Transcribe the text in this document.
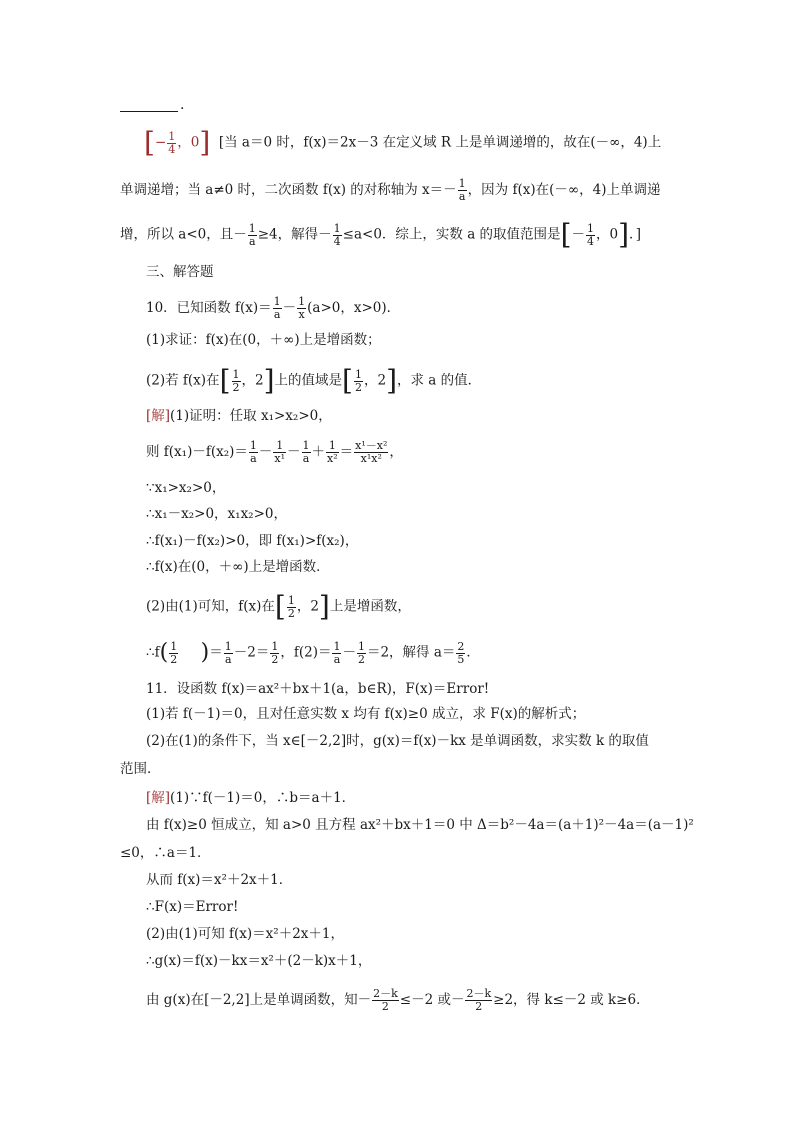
.
[− $\frac{1}{4}$ ，0] [当 a＝0 时，f(x)＝2x－3 在定义域 R 上是单调递增的，故在(－∞，4)上
单调递增；当 a≠0 时，二次函数 f(x) 的对称轴为 $x=- \frac{1}{a}$ ，因为 f(x)在(－∞，4)上单调递
增，所以 a<0，且－ $\frac{1}{a} \ge 4$，解得－ $\frac{1}{4} \le a<0$．综上，实数 a 的取值范围是[－ $\frac{1}{4}$ ，0]．]
三、解答题
10．已知函数 $f(x)= \frac{1}{a} - \frac{1}{x} (a>0$，x>0)．
(1)求证：f(x)在(0，＋∞)上是增函数；
(2)若 f(x)在[ $\frac{1}{2}$ ，2]上的值域是[ $\frac{1}{2}$ ，2]，求 a 的值．
[解](1)证明：任取 x₁>x₂>0，
则 $f(x_1)-f(x_2)= \frac{1}{a} - \frac{1}{\text{x¹}} - \frac{1}{a} + \frac{1}{\text{x²}} = \frac{\text{x¹－x²}}{\text{x¹x²}}$ ，
∵x₁>x₂>0，
∴x₁－x₂>0，x₁x₂>0，
∴f(x₁)－f(x₂)>0，即 f(x₁)>f(x₂)，
∴f(x)在(0，＋∞)上是增函数．
(2)由(1)可知，f(x)在[ $\frac{1}{2}$ ，2]上是增函数，
∴f( $\frac{1}{2}$ )＝ $\frac{1}{a} -2= \frac{1}{2}$ ，$f(2)= \frac{1}{a} - \frac{1}{2} =2$，解得 $a= \frac{2}{5}$ ．
11．设函数 f(x)＝ax²＋bx＋1(a，b∈R)，F(x)＝Error!
(1)若 f(－1)＝0，且对任意实数 x 均有 f(x)≥0 成立，求 F(x)的解析式；
(2)在(1)的条件下，当 x∈[－2,2]时，g(x)＝f(x)－kx 是单调函数，求实数 k 的取值
范围．
[解](1)∵f(－1)＝0，∴b＝a＋1．
由 f(x)≥0 恒成立，知 a>0 且方程 ax²＋bx＋1＝0 中 Δ＝b²－4a＝(a＋1)²－4a＝(a－1)²
≤0，∴a＝1．
从而 f(x)＝x²＋2x＋1．
∴F(x)＝Error!
(2)由(1)可知 f(x)＝x²＋2x＋1，
∴g(x)＝f(x)－kx＝x²＋(2－k)x＋1，
由 g(x)在[－2,2]上是单调函数，知－ $\frac{2-k}{2} \le-2$ 或－ $\frac{2-k}{2} \ge 2$，得 k≤－2 或 k≥6．
